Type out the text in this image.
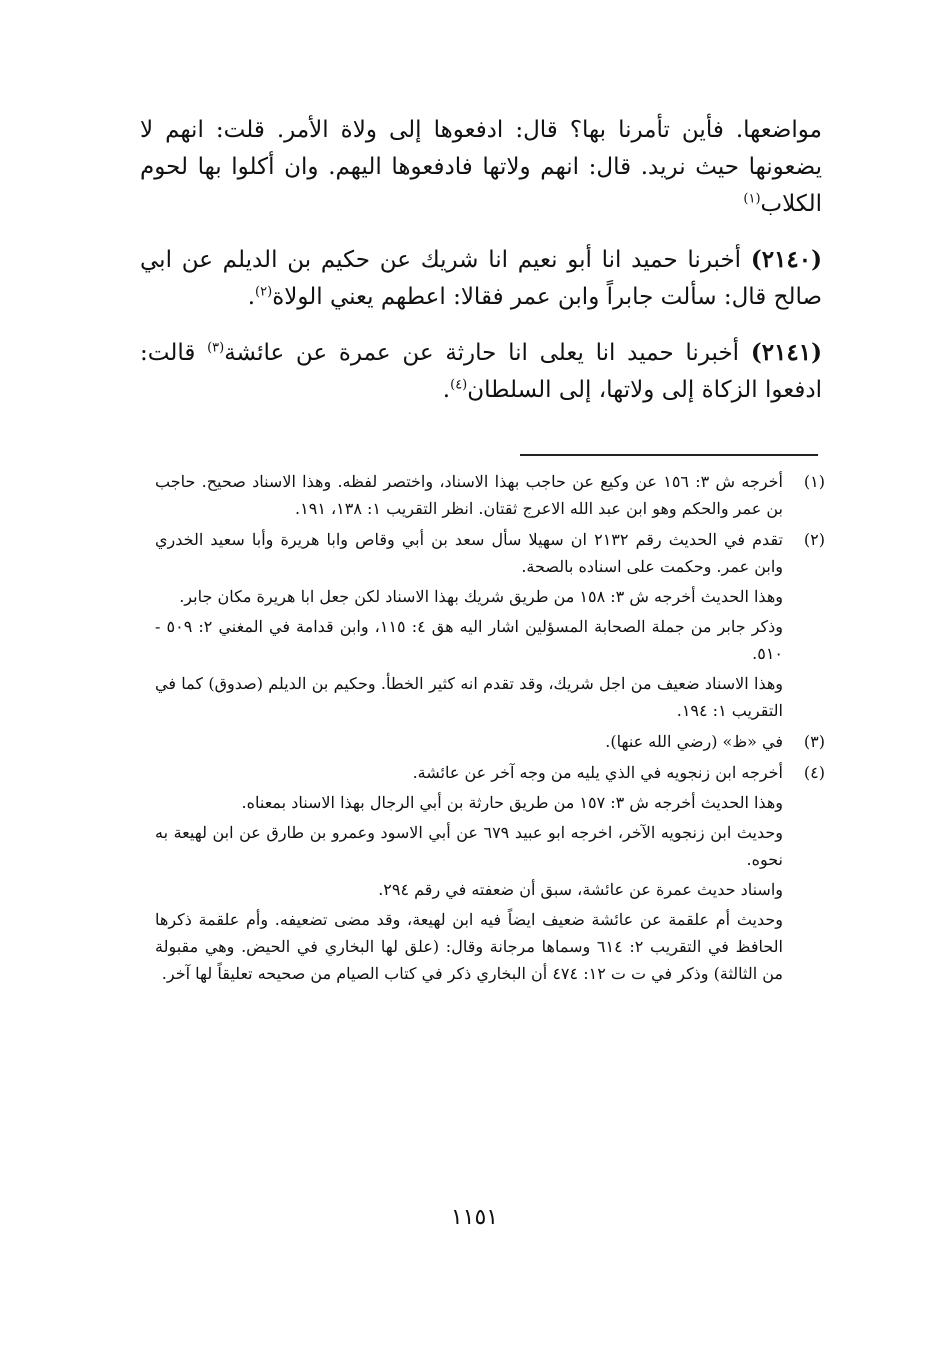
مواضعها. فأين تأمرنا بها؟ قال: ادفعوها إلى ولاة الأمر. قلت: انهم لا يضعونها حيث نريد. قال: انهم ولاتها فادفعوها اليهم. وان أكلوا بها لحوم الكلاب$^{(١)}$

(٢١٤٠) أخبرنا حميد انا أبو نعيم انا شريك عن حكيم بن الديلم عن ابي صالح قال: سألت جابراً وابن عمر فقالا: اعطهم يعني الولاة$^{(٢)}$.

(٢١٤١) أخبرنا حميد انا يعلى انا حارثة عن عمرة عن عائشة$^{(٣)}$ قالت: ادفعوا الزكاة إلى ولاتها، إلى السلطان$^{(٤)}$.

(١)

أخرجه ش ٣: ١٥٦ عن وكيع عن حاجب بهذا الاسناد، واختصر لفظه. وهذا الاسناد صحيح. حاجب بن عمر والحكم وهو ابن عبد الله الاعرج ثقتان. انظر التقريب ١: ١٣٨، ١٩١.

(٢)

تقدم في الحديث رقم ٢١٣٢ ان سهيلا سأل سعد بن أبي وقاص وابا هريرة وأبا سعيد الخدري وابن عمر. وحكمت على اسناده بالصحة.

وهذا الحديث أخرجه ش ٣: ١٥٨ من طريق شريك بهذا الاسناد لكن جعل ابا هريرة مكان جابر.

وذكر جابر من جملة الصحابة المسؤلين اشار اليه هق ٤: ١١٥، وابن قدامة في المغني ٢: ٥٠٩ - ٥١٠.

وهذا الاسناد ضعيف من اجل شريك، وقد تقدم انه كثير الخطأ. وحكيم بن الديلم (صدوق) كما في التقريب ١: ١٩٤.

(٣)

في «ظ» (رضي الله عنها).

(٤)

أخرجه ابن زنجويه في الذي يليه من وجه آخر عن عائشة.

وهذا الحديث أخرجه ش ٣: ١٥٧ من طريق حارثة بن أبي الرجال بهذا الاسناد بمعناه.

وحديث ابن زنجويه الآخر، اخرجه ابو عبيد ٦٧٩ عن أبي الاسود وعمرو بن طارق عن ابن لهيعة به نحوه.

واسناد حديث عمرة عن عائشة، سبق أن ضعفته في رقم ٢٩٤.

وحديث أم علقمة عن عائشة ضعيف ايضاً فيه ابن لهيعة، وقد مضى تضعيفه. وأم علقمة ذكرها الحافظ في التقريب ٢: ٦١٤ وسماها مرجانة وقال: (علق لها البخاري في الحيض. وهي مقبولة من الثالثة) وذكر في ت ت ١٢: ٤٧٤ أن البخاري ذكر في كتاب الصيام من صحيحه تعليقاً لها آخر.

١١٥١
